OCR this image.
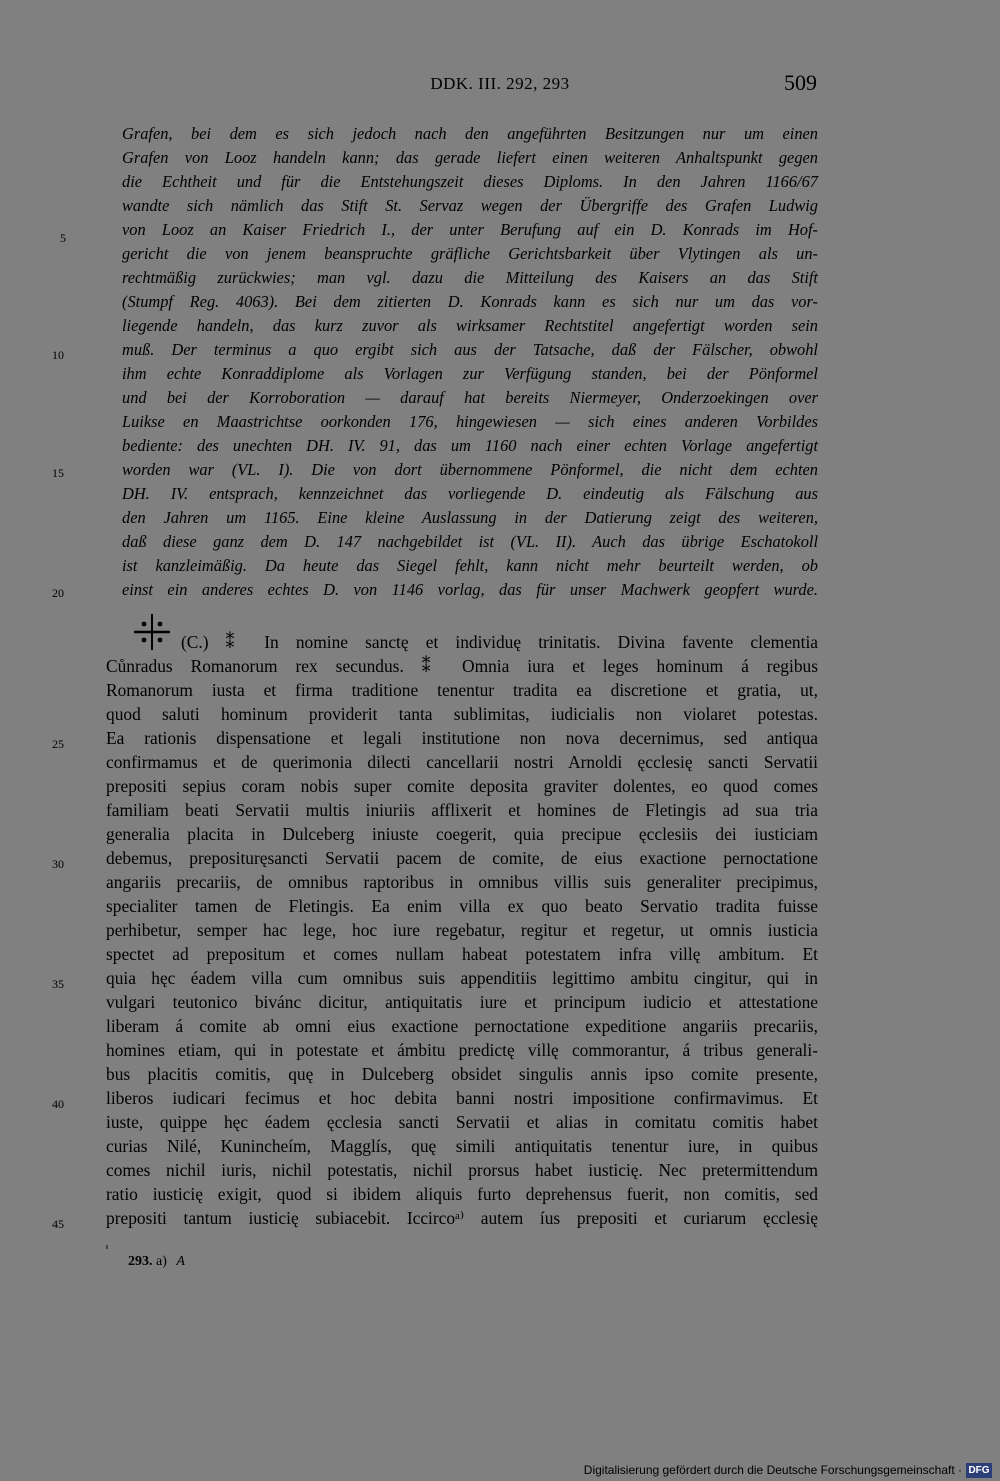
DDK. III. 292, 293	509
Grafen, bei dem es sich jedoch nach den angeführten Besitzungen nur um einen
Grafen von Looz handeln kann; das gerade liefert einen weiteren Anhaltspunkt gegen
die Echtheit und für die Entstehungszeit dieses Diploms. In den Jahren 1166/67
wandte sich nämlich das Stift St. Servaz wegen der Übergriffe des Grafen Ludwig
von Looz an Kaiser Friedrich I., der unter Berufung auf ein D. Konrads im Hof-
gericht die von jenem beanspruchte gräfliche Gerichtsbarkeit über Vlytingen als un-
rechtmäßig zurückwies; man vgl. dazu die Mitteilung des Kaisers an das Stift
(Stumpf Reg. 4063). Bei dem zitierten D. Konrads kann es sich nur um das vor-
liegende handeln, das kurz zuvor als wirksamer Rechtstitel angefertigt worden sein
muß. Der terminus a quo ergibt sich aus der Tatsache, daß der Fälscher, obwohl
ihm echte Konraddiplome als Vorlagen zur Verfügung standen, bei der Pönformel
und bei der Korroboration — darauf hat bereits Niermeyer, Onderzoekingen over
Luikse en Maastrichtse oorkonden 176, hingewiesen — sich eines anderen Vorbildes
bediente: des unechten DH. IV. 91, das um 1160 nach einer echten Vorlage angefertigt
worden war (VL. I). Die von dort übernommene Pönformel, die nicht dem echten
DH. IV. entsprach, kennzeichnet das vorliegende D. eindeutig als Fälschung aus
den Jahren um 1165. Eine kleine Auslassung in der Datierung zeigt des weiteren,
daß diese ganz dem D. 147 nachgebildet ist (VL. II). Auch das übrige Eschatokoll
ist kanzleimäßig. Da heute das Siegel fehlt, kann nicht mehr beurteilt werden, ob
einst ein anderes echtes D. von 1146 vorlag, das für unser Machwerk geopfert wurde.
5
10
15
20
(C.) ⁑ In nomine sanctę et individuę trinitatis. Divina favente clementia
Cůnradus Romanorum rex secundus. ⁑ Omnia iura et leges hominum á regibus
Romanorum iusta et firma traditione tenentur tradita ea discretione et gratia, ut,
quod saluti hominum providerit tanta sublimitas, iudicialis non violaret potestas.
Ea rationis dispensatione et legali institutione non nova decernimus, sed antiqua
confirmamus et de querimonia dilecti cancellarii nostri Arnoldi ęcclesię sancti Servatii
prepositi sepius coram nobis super comite deposita graviter dolentes, eo quod comes
familiam beati Servatii multis iniuriis afflixerit et homines de Fletingis ad sua tria
generalia placita in Dulceberg iniuste coegerit, quia precipue ęcclesiis dei iusticiam
debemus, preposituręsancti Servatii pacem de comite, de eius exactione pernoctatione
angariis precariis, de omnibus raptoribus in omnibus villis suis generaliter precipimus,
specialiter tamen de Fletingis. Ea enim villa ex quo beato Servatio tradita fuisse
perhibetur, semper hac lege, hoc iure regebatur, regitur et regetur, ut omnis iusticia
spectet ad prepositum et comes nullam habeat potestatem infra villę ambitum. Et
quia hęc éadem villa cum omnibus suis appenditiis legittimo ambitu cingitur, qui in
vulgari teutonico bivánc dicitur, antiquitatis iure et principum iudicio et attestatione
liberam á comite ab omni eius exactione pernoctatione expeditione angariis precariis,
homines etiam, qui in potestate et ámbitu predictę villę commorantur, á tribus generali-
bus placitis comitis, quę in Dulceberg obsidet singulis annis ipso comite presente,
liberos iudicari fecimus et hoc debita banni nostri impositione confirmavimus. Et
iuste, quippe hęc éadem ęcclesia sancti Servatii et alias in comitatu comitis habet
curias Nilé, Kunincheím, Magglís, quę simili antiquitatis tenentur iure, in quibus
comes nichil iuris, nichil potestatis, nichil prorsus habet iusticię. Nec pretermittendum
ratio iusticię exigit, quod si ibidem aliquis furto deprehensus fuerit, non comitis, sed
prepositi tantum iusticię subiacebit. Iccircoᵃ⁾ autem íus prepositi et curiarum ęcclesię
25
30
35
40
45
293. a) A
Digitalisierung gefördert durch die Deutsche Forschungsgemeinschaft · DFG
